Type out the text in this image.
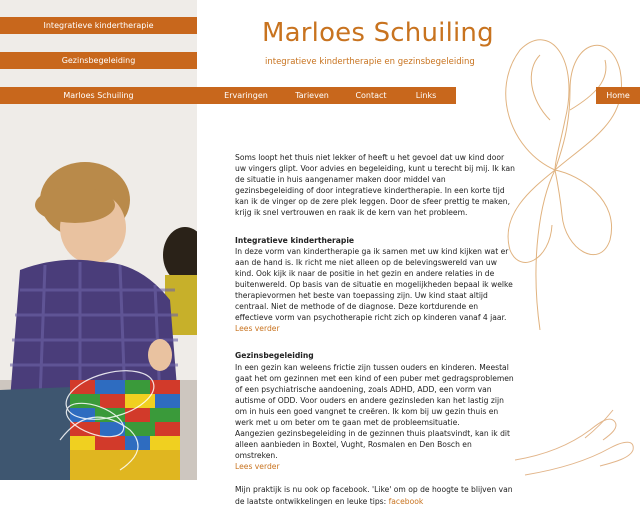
Marloes Schuiling
integratieve kindertherapie en gezinsbegeleiding
Integratieve kindertherapie
Gezinsbegeleiding
Marloes Schuiling	Ervaringen	Tarieven	Contact	Links	Home

Soms loopt het thuis niet lekker of heeft u het gevoel dat uw kind door uw vingers glipt. Voor advies en begeleiding, kunt u terecht bij mij. Ik kan de situatie in huis aangenamer maken door middel van gezinsbegeleiding of door integratieve kindertherapie. In een korte tijd kan ik de vinger op de zere plek leggen. Door de sfeer prettig te maken, krijg ik snel vertrouwen en raak ik de kern van het probleem.

Integratieve kindertherapie
In deze vorm van kindertherapie ga ik samen met uw kind kijken wat er aan de hand is. Ik richt me niet alleen op de belevingswereld van uw kind. Ook kijk ik naar de positie in het gezin en andere relaties in de buitenwereld. Op basis van de situatie en mogelijkheden bepaal ik welke therapievormen het beste van toepassing zijn. Uw kind staat altijd centraal. Niet de methode of de diagnose. Deze kortdurende en effectieve vorm van psychotherapie richt zich op kinderen vanaf 4 jaar. Lees verder

Gezinsbegeleiding
In een gezin kan weleens frictie zijn tussen ouders en kinderen. Meestal gaat het om gezinnen met een kind of een puber met gedragsproblemen of een psychiatrische aandoening, zoals ADHD, ADD, een vorm van autisme of ODD. Voor ouders en andere gezinsleden kan het lastig zijn om in huis een goed vangnet te creëren. Ik kom bij uw gezin thuis en werk met u om beter om te gaan met de probleemsituatie.
Aangezien gezinsbegeleiding in de gezinnen thuis plaatsvindt, kan ik dit alleen aanbieden in Boxtel, Vught, Rosmalen en Den Bosch en omstreken.
Lees verder

Mijn praktijk is nu ook op facebook. 'Like' om op de hoogte te blijven van de laatste ontwikkelingen en leuke tips: facebook
